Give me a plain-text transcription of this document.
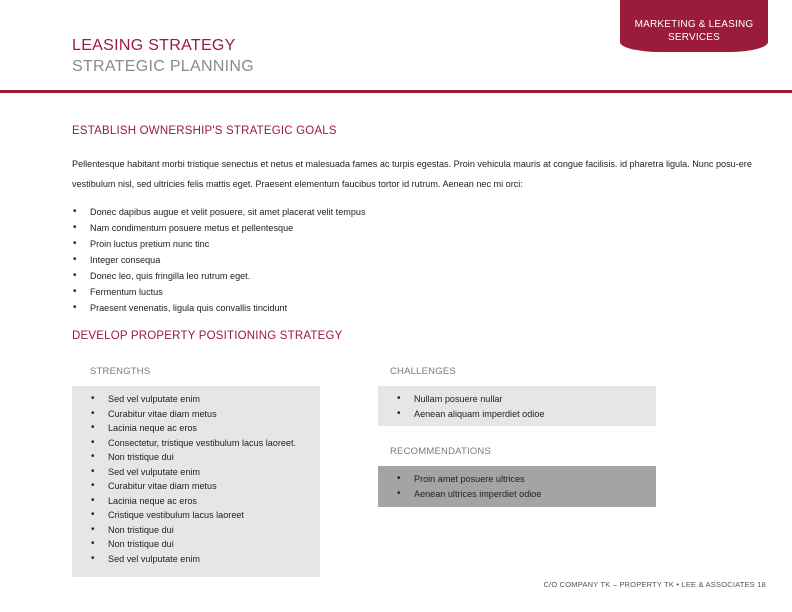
MARKETING & LEASING
SERVICES
LEASING STRATEGY
STRATEGIC PLANNING
ESTABLISH OWNERSHIP'S STRATEGIC GOALS

Pellentesque habitant morbi tristique senectus et netus et malesuada fames ac turpis egestas. Proin vehicula mauris at congue facilisis. id pharetra ligula. Nunc posu-ere vestibulum nisl, sed ultricies felis mattis eget. Praesent elementum faucibus tortor id rutrum. Aenean nec mi orci:

• Donec dapibus augue et velit posuere, sit amet placerat velit tempus
• Nam condimentum posuere metus et pellentesque
• Proin luctus pretium nunc tinc
• Integer consequa
• Donec leo, quis fringilla leo rutrum eget.
• Fermentum luctus
• Praesent venenatis, ligula quis convallis tincidunt
DEVELOP PROPERTY POSITIONING STRATEGY
STRENGTHS
• Sed vel vulputate enim
• Curabitur vitae diam metus
• Lacinia neque ac eros
• Consectetur, tristique vestibulum lacus laoreet.
• Non tristique dui
• Sed vel vulputate enim
• Curabitur vitae diam metus
• Lacinia neque ac eros
• Cristique vestibulum lacus laoreet
• Non tristique dui
• Non tristique dui
• Sed vel vulputate enim
CHALLENGES
• Nullam posuere nullar
• Aenean aliquam imperdiet odioe
RECOMMENDATIONS
• Proin amet posuere ultrices
• Aenean ultrices imperdiet odioe
C/O COMPANY TK – PROPERTY TK • LEE & ASSOCIATES 18
